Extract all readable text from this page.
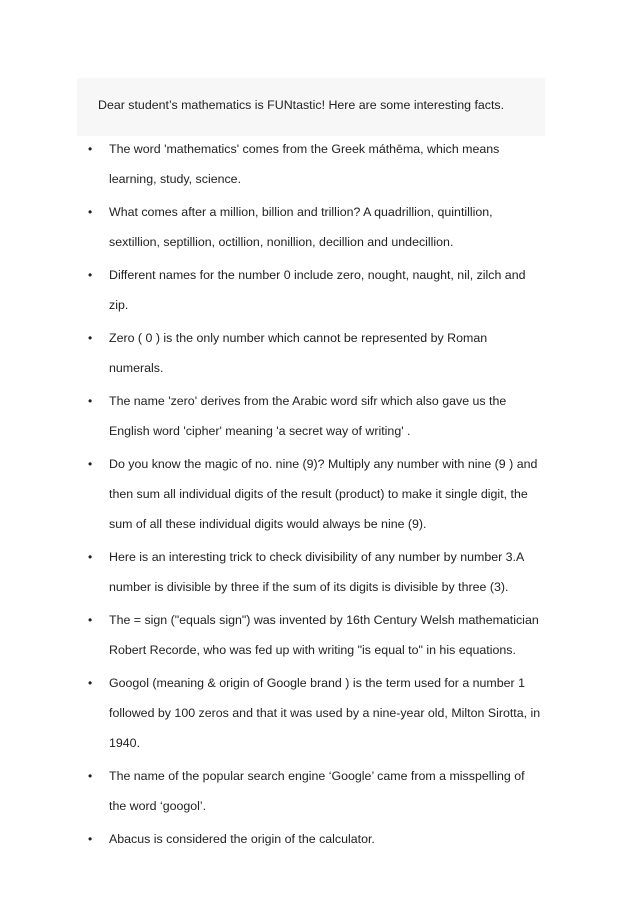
Dear student’s mathematics is FUNtastic! Here are some interesting facts.
• The word 'mathematics' comes from the Greek máthēma, which means
learning, study, science.
• What comes after a million, billion and trillion? A quadrillion, quintillion,
sextillion, septillion, octillion, nonillion, decillion and undecillion.
• Different names for the number 0 include zero, nought, naught, nil, zilch and
zip.
• Zero ( 0 ) is the only number which cannot be represented by Roman
numerals.
• The name 'zero' derives from the Arabic word sifr which also gave us the
English word 'cipher' meaning 'a secret way of writing' .
• Do you know the magic of no. nine (9)? Multiply any number with nine (9 ) and
then sum all individual digits of the result (product) to make it single digit, the
sum of all these individual digits would always be nine (9).
• Here is an interesting trick to check divisibility of any number by number 3.A
number is divisible by three if the sum of its digits is divisible by three (3).
• The = sign ("equals sign") was invented by 16th Century Welsh mathematician
Robert Recorde, who was fed up with writing "is equal to" in his equations.
• Googol (meaning & origin of Google brand ) is the term used for a number 1
followed by 100 zeros and that it was used by a nine-year old, Milton Sirotta, in
1940.
• The name of the popular search engine ‘Google’ came from a misspelling of
the word ‘googol’.
• Abacus is considered the origin of the calculator.
